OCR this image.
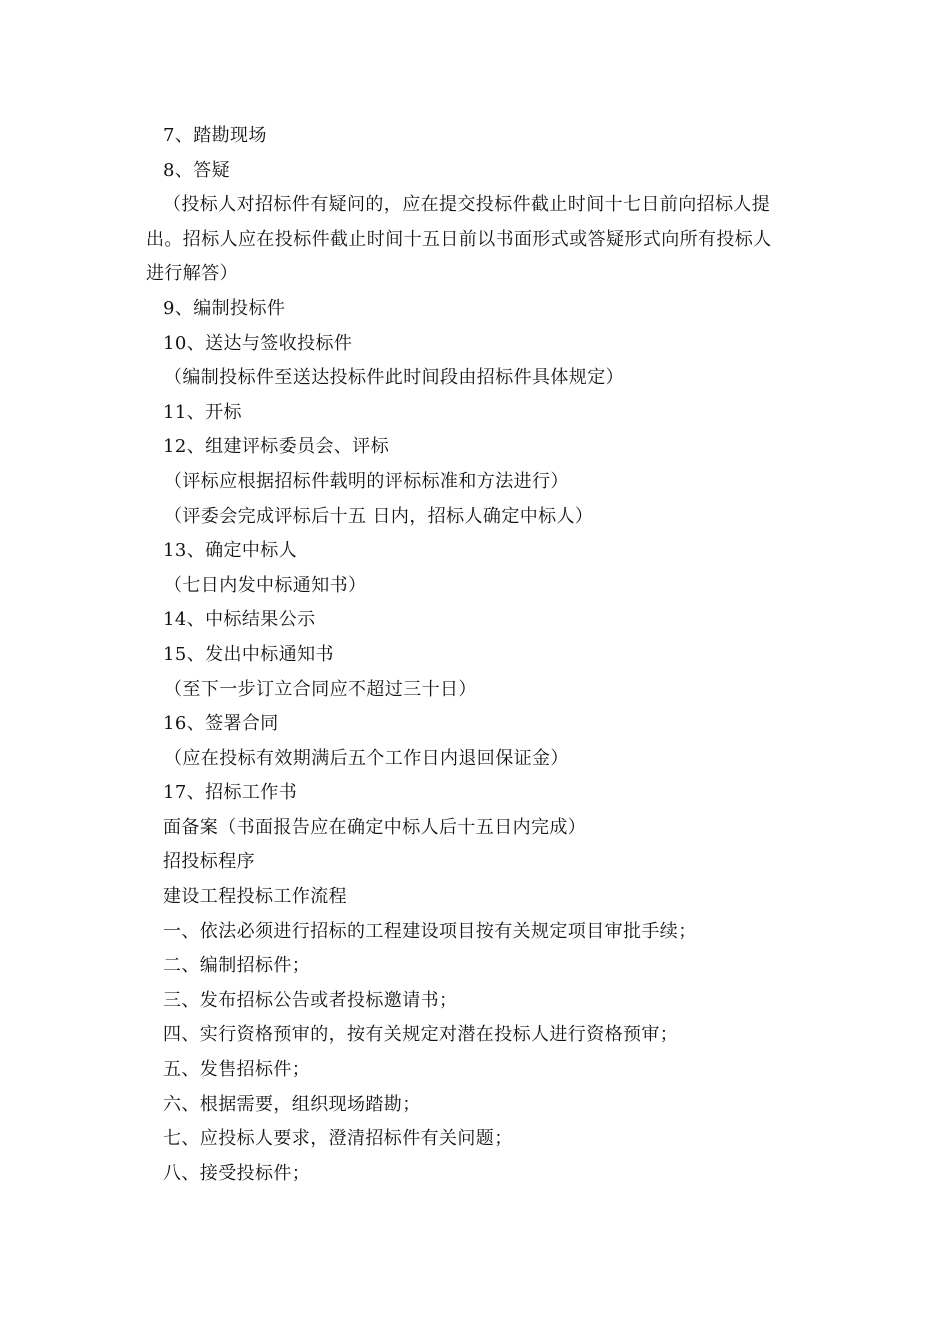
7、踏勘现场
8、答疑
（投标人对招标件有疑问的，应在提交投标件截止时间十七日前向招标人提
出。招标人应在投标件截止时间十五日前以书面形式或答疑形式向所有投标人
进行解答）
9、编制投标件
10、送达与签收投标件
（编制投标件至送达投标件此时间段由招标件具体规定）
11、开标
12、组建评标委员会、评标
（评标应根据招标件载明的评标标准和方法进行）
（评委会完成评标后十五 日内，招标人确定中标人）
13、确定中标人
（七日内发中标通知书）
14、中标结果公示
15、发出中标通知书
（至下一步订立合同应不超过三十日）
16、签署合同
（应在投标有效期满后五个工作日内退回保证金）
17、招标工作书
面备案（书面报告应在确定中标人后十五日内完成）
招投标程序
建设工程投标工作流程
一、依法必须进行招标的工程建设项目按有关规定项目审批手续；
二、编制招标件；
三、发布招标公告或者投标邀请书；
四、实行资格预审的，按有关规定对潜在投标人进行资格预审；
五、发售招标件；
六、根据需要，组织现场踏勘；
七、应投标人要求，澄清招标件有关问题；
八、接受投标件；
